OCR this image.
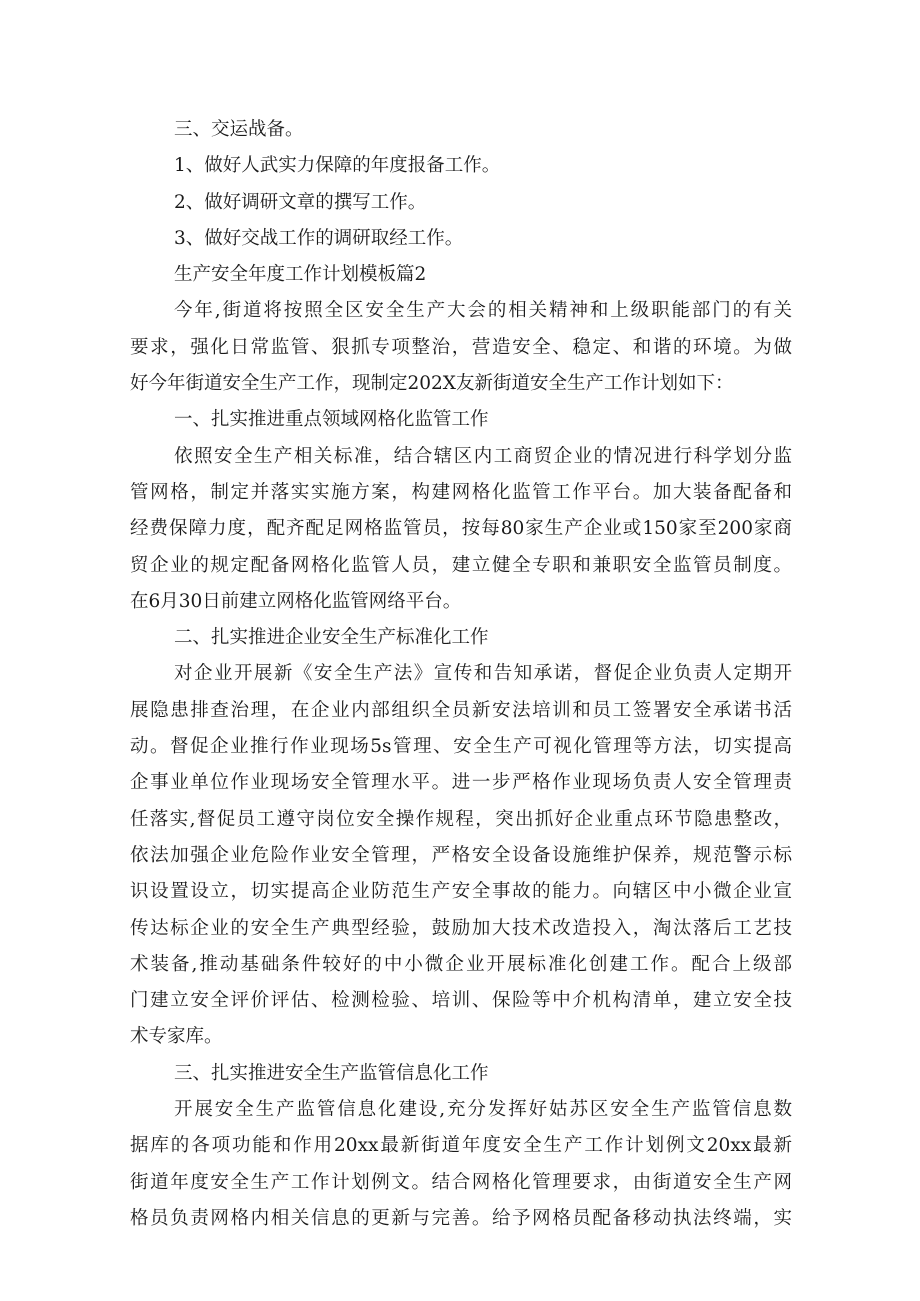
三、交运战备。
1、做好人武实力保障的年度报备工作。
2、做好调研文章的撰写工作。
3、做好交战工作的调研取经工作。
生产安全年度工作计划模板篇2
今年,街道将按照全区安全生产大会的相关精神和上级职能部门的有关
要求，强化日常监管、狠抓专项整治，营造安全、稳定、和谐的环境。为做
好今年街道安全生产工作，现制定202X友新街道安全生产工作计划如下：
一、扎实推进重点领域网格化监管工作
依照安全生产相关标准，结合辖区内工商贸企业的情况进行科学划分监
管网格，制定并落实实施方案，构建网格化监管工作平台。加大装备配备和
经费保障力度，配齐配足网格监管员，按每80家生产企业或150家至200家商
贸企业的规定配备网格化监管人员，建立健全专职和兼职安全监管员制度。
在6月30日前建立网格化监管网络平台。
二、扎实推进企业安全生产标准化工作
对企业开展新《安全生产法》宣传和告知承诺，督促企业负责人定期开
展隐患排查治理，在企业内部组织全员新安法培训和员工签署安全承诺书活
动。督促企业推行作业现场5s管理、安全生产可视化管理等方法，切实提高
企事业单位作业现场安全管理水平。进一步严格作业现场负责人安全管理责
任落实,督促员工遵守岗位安全操作规程，突出抓好企业重点环节隐患整改，
依法加强企业危险作业安全管理，严格安全设备设施维护保养，规范警示标
识设置设立，切实提高企业防范生产安全事故的能力。向辖区中小微企业宣
传达标企业的安全生产典型经验，鼓励加大技术改造投入，淘汰落后工艺技
术装备,推动基础条件较好的中小微企业开展标准化创建工作。配合上级部
门建立安全评价评估、检测检验、培训、保险等中介机构清单，建立安全技
术专家库。
三、扎实推进安全生产监管信息化工作
开展安全生产监管信息化建设,充分发挥好姑苏区安全生产监管信息数
据库的各项功能和作用20xx最新街道年度安全生产工作计划例文20xx最新
街道年度安全生产工作计划例文。结合网格化管理要求，由街道安全生产网
格员负责网格内相关信息的更新与完善。给予网格员配备移动执法终端，实
